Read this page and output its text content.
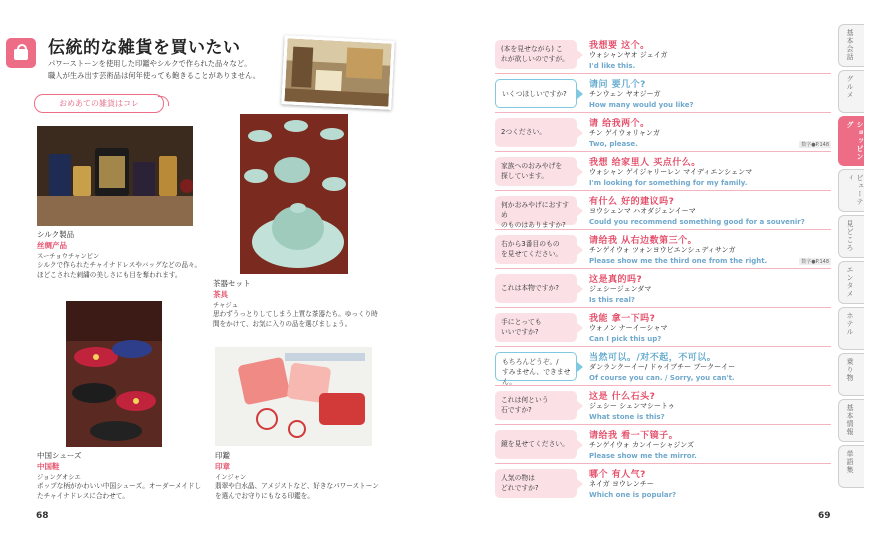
伝統的な雑貨を買いたい
パワーストーンを使用した印鑑やシルクで作られた品々など。
職人が生み出す芸術品は何年使っても飽きることがありません。
おめあての雑貨はコレ
シルク製品
丝绸产品
スーチョウチャンピン
シルクで作られたチャイナドレスやバッグなどの品々。
ほどこされた刺繍の美しさにも目を奪われます。
茶器セット
茶具
チャジュ
思わずうっとりしてしまう上質な茶器たち。ゆっくり時
間をかけて、お気に入りの品を選びましょう。
中国シューズ
中国鞋
ジョングオシエ
ポップな柄がかわいい中国シューズ。オーダーメイドし
たチャイナドレスに合わせて。
印鑑
印章
インジャン
翡翠や白水晶、アメジストなど、好きなパワーストーン
を選んでお守りにもなる印鑑を。
68
(本を見せながら) こ
れが欲しいのですが。
我想要 这个。
ウォシャンヤオ ジェイガ
I'd like this.
いくつほしいですか?
请问 要几个?
チンウェン ヤオジーガ
How many would you like?
2つください。
请 给我两个。
チン ゲイウォリャンガ
Two, please.	数字●P.148
家族へのおみやげを
探しています。
我想 给家里人 买点什么。
ウォシャン ゲイジャリーレン マイディエンシェンマ
I'm looking for something for my family.
何かおみやげにおすすめ
のものはありますか?
有什么 好的建议吗?
ヨウシェンマ ハオダジェンイーマ
Could you recommend something good for a souvenir?
右から3番目のもの
を見せてください。
请给我 从右边数第三个。
チンゲイウォ ツォンヨウビエンシュディサンガ
Please show me the third one from the right.	数字●P.148
これは本物ですか?
这是真的吗?
ジェシージェンダマ
Is this real?
手にとっても
いいですか?
我能 拿一下吗?
ウォノン ナーイーシャマ
Can I pick this up?
もちろんどうぞ。/
すみません、できません。
当然可以。/对不起，不可以。
ダンランクーイー/ ドゥイブチー ブークーイー
Of course you can. / Sorry, you can't.
これは何という
石ですか?
这是 什么石头?
ジェシー シェンマシートゥ
What stone is this?
鏡を見せてください。
请给我 看一下镜子。
チンゲイウォ カンイーシャジンズ
Please show me the mirror.
人気の物は
どれですか?
哪个 有人气?
ネイガ ヨウレンチー
Which one is popular?
69
基本会話
グルメ
ショッピング
ビューティ
見どころ
エンタメ
ホテル
乗り物
基本情報
単語集
